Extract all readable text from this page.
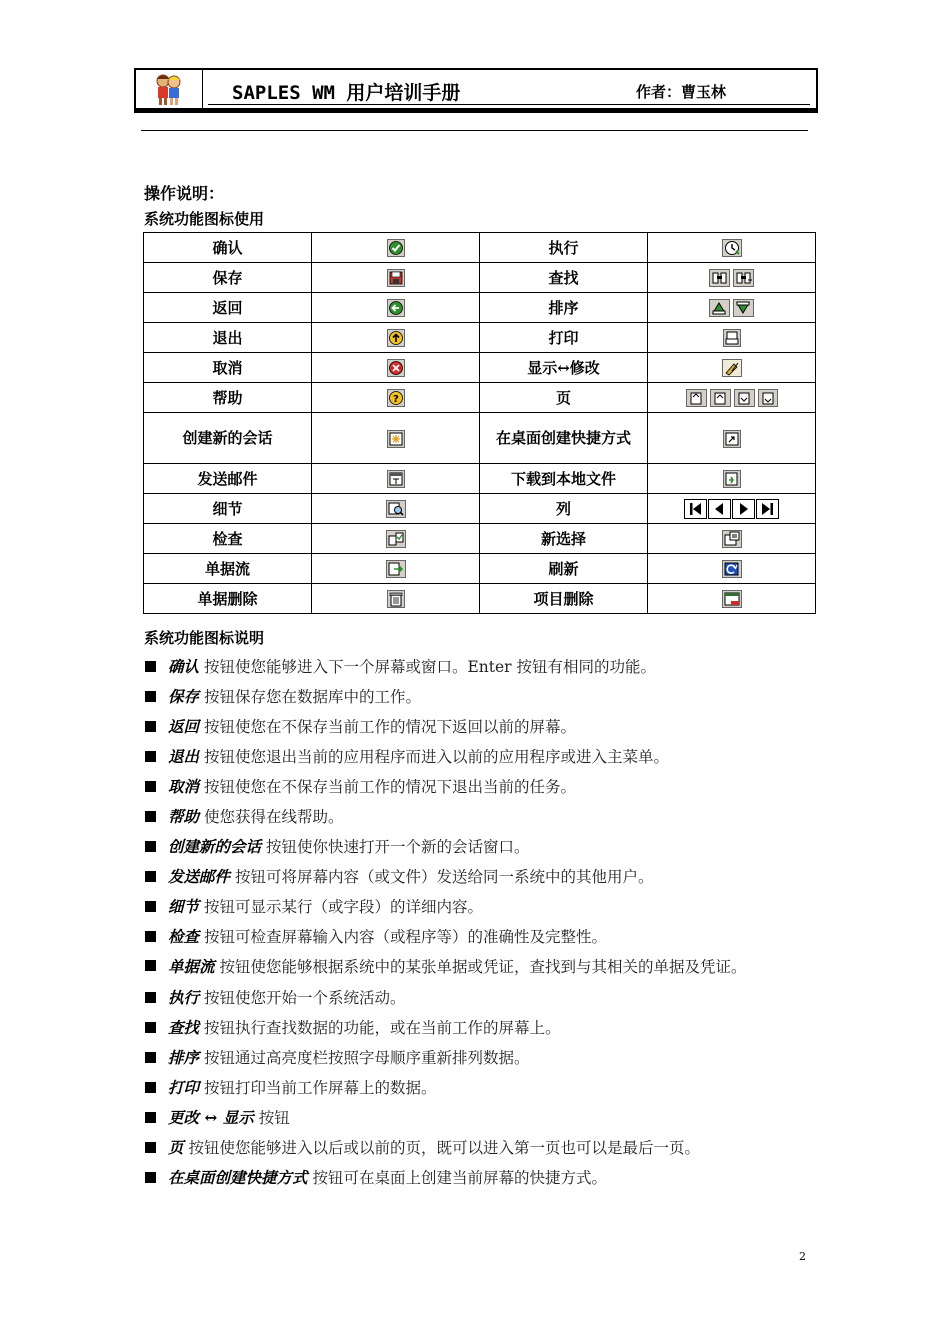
SAPLES WM 用户培训手册	作者：曹玉林
操作说明：
系统功能图标使用
确认		执行	

保存		查找	

返回		排序	

退出		打印	

取消		显示↔修改	

帮助	?	页	

创建新的会话		在桌面创建快捷方式	

发送邮件		下载到本地文件	

细节		列	

检查		新选择	

单据流		刷新	

单据删除		项目删除	
系统功能图标说明
确认 按钮使您能够进入下一个屏幕或窗口。Enter 按钮有相同的功能。
保存 按钮保存您在数据库中的工作。
返回 按钮使您在不保存当前工作的情况下返回以前的屏幕。
退出 按钮使您退出当前的应用程序而进入以前的应用程序或进入主菜单。
取消 按钮使您在不保存当前工作的情况下退出当前的任务。
帮助 使您获得在线帮助。
创建新的会话 按钮使你快速打开一个新的会话窗口。
发送邮件 按钮可将屏幕内容（或文件）发送给同一系统中的其他用户。
细节 按钮可显示某行（或字段）的详细内容。
检查 按钮可检查屏幕输入内容（或程序等）的准确性及完整性。
单据流 按钮使您能够根据系统中的某张单据或凭证，查找到与其相关的单据及凭证。
执行 按钮使您开始一个系统活动。
查找 按钮执行查找数据的功能，或在当前工作的屏幕上。
排序 按钮通过高亮度栏按照字母顺序重新排列数据。
打印 按钮打印当前工作屏幕上的数据。
更改 ↔ 显示 按钮
页 按钮使您能够进入以后或以前的页，既可以进入第一页也可以是最后一页。
在桌面创建快捷方式 按钮可在桌面上创建当前屏幕的快捷方式。
2
